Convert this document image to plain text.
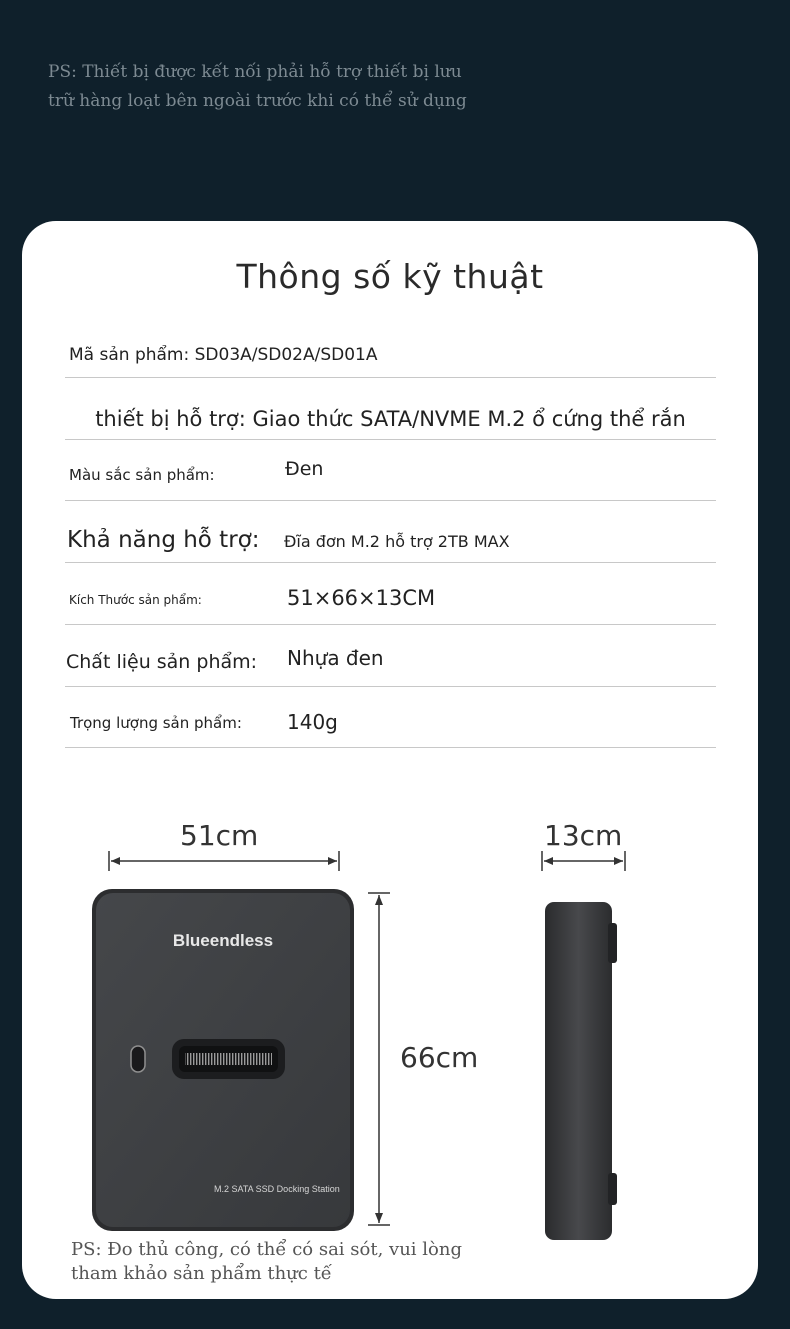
PS: Thiết bị được kết nối phải hỗ trợ thiết bị lưu
trữ hàng loạt bên ngoài trước khi có thể sử dụng
Thông số kỹ thuật
Mã sản phẩm: SD03A/SD02A/SD01A
thiết bị hỗ trợ: Giao thức SATA/NVME M.2 ổ cứng thể rắn
Màu sắc sản phẩm:	Đen
Khả năng hỗ trợ: Đĩa đơn M.2 hỗ trợ 2TB MAX
Kích Thước sản phẩm:	51×66×13CM
Chất liệu sản phẩm: Nhựa đen
Trọng lượng sản phẩm: 140g
Blueendless
M.2 SATA SSD Docking Station
51cm	13cm
66cm
PS: Đo thủ công, có thể có sai sót, vui lòng
tham khảo sản phẩm thực tế
